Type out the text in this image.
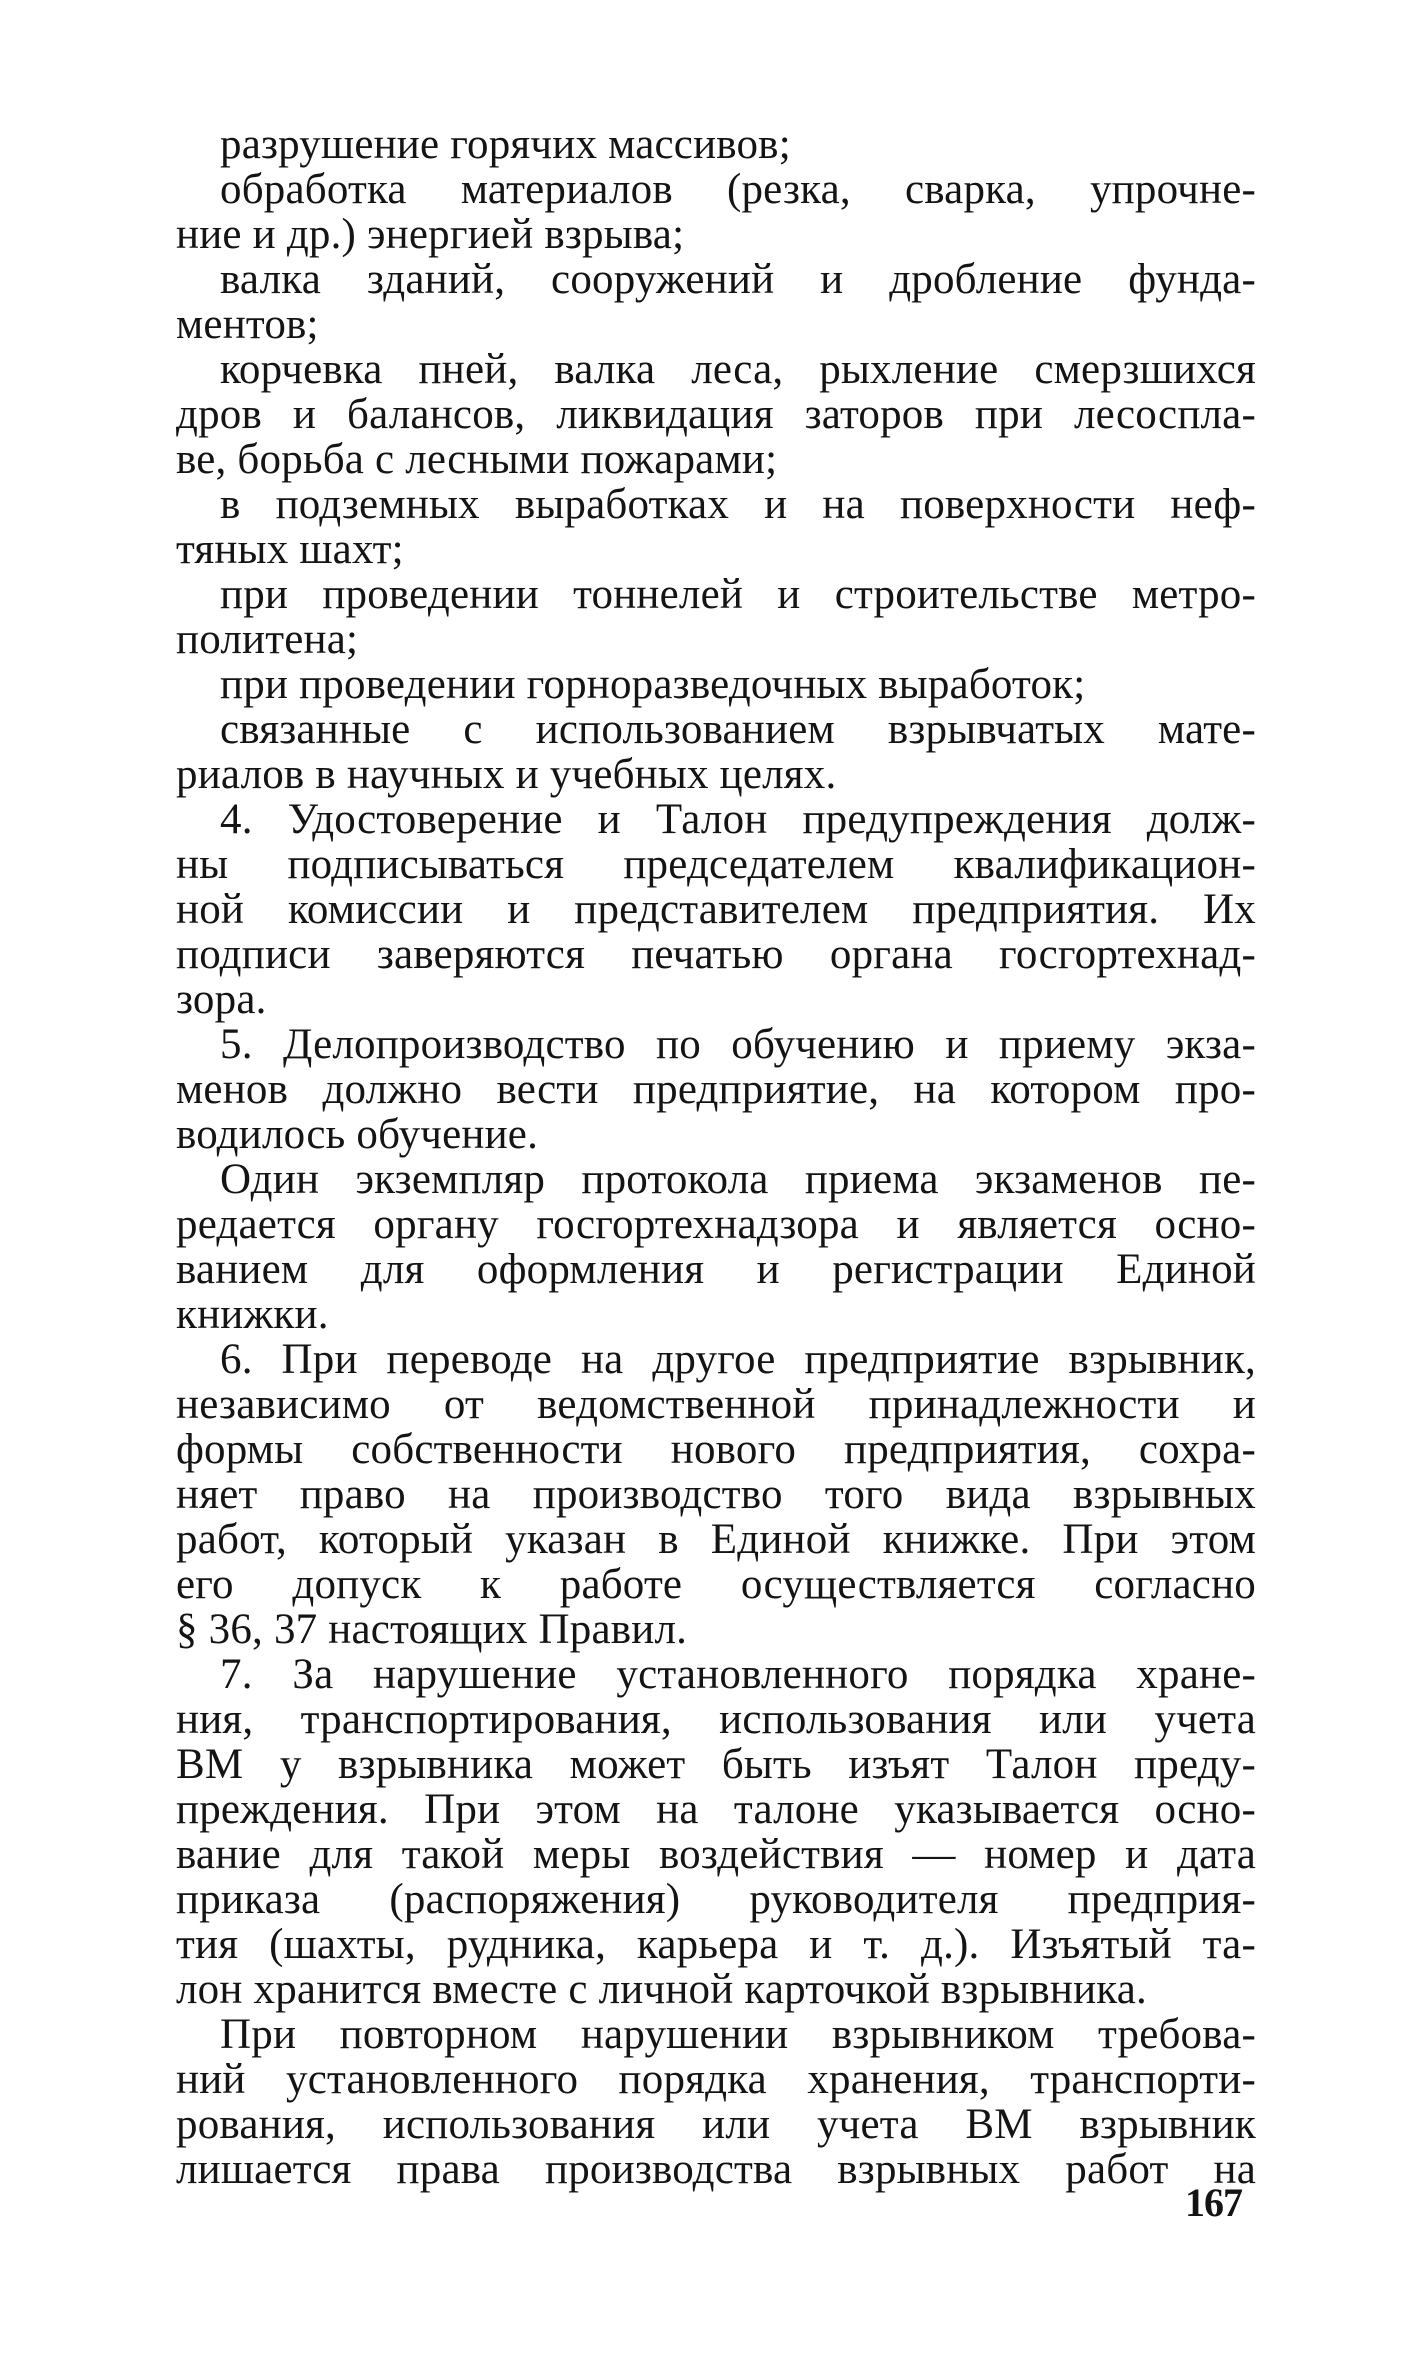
разрушение горячих массивов;
обработка материалов (резка, сварка, упрочне-
ние и др.) энергией взрыва;
валка зданий, сооружений и дробление фунда-
ментов;
корчевка пней, валка леса, рыхление смерзшихся
дров и балансов, ликвидация заторов при лесоспла-
ве, борьба с лесными пожарами;
в подземных выработках и на поверхности неф-
тяных шахт;
при проведении тоннелей и строительстве метро-
политена;
при проведении горноразведочных выработок;
связанные с использованием взрывчатых мате-
риалов в научных и учебных целях.
4. Удостоверение и Талон предупреждения долж-
ны подписываться председателем квалификацион-
ной комиссии и представителем предприятия. Их
подписи заверяются печатью органа госгортехнад-
зора.
5. Делопроизводство по обучению и приему экза-
менов должно вести предприятие, на котором про-
водилось обучение.
Один экземпляр протокола приема экзаменов пе-
редается органу госгортехнадзора и является осно-
ванием для оформления и регистрации Единой
книжки.
6. При переводе на другое предприятие взрывник,
независимо от ведомственной принадлежности и
формы собственности нового предприятия, сохра-
няет право на производство того вида взрывных
работ, который указан в Единой книжке. При этом
его допуск к работе осуществляется согласно
§ 36, 37 настоящих Правил.
7. За нарушение установленного порядка хране-
ния, транспортирования, использования или учета
ВМ у взрывника может быть изъят Талон преду-
преждения. При этом на талоне указывается осно-
вание для такой меры воздействия — номер и дата
приказа (распоряжения) руководителя предприя-
тия (шахты, рудника, карьера и т. д.). Изъятый та-
лон хранится вместе с личной карточкой взрывника.
При повторном нарушении взрывником требова-
ний установленного порядка хранения, транспорти-
рования, использования или учета ВМ взрывник
лишается права производства взрывных работ на
167
